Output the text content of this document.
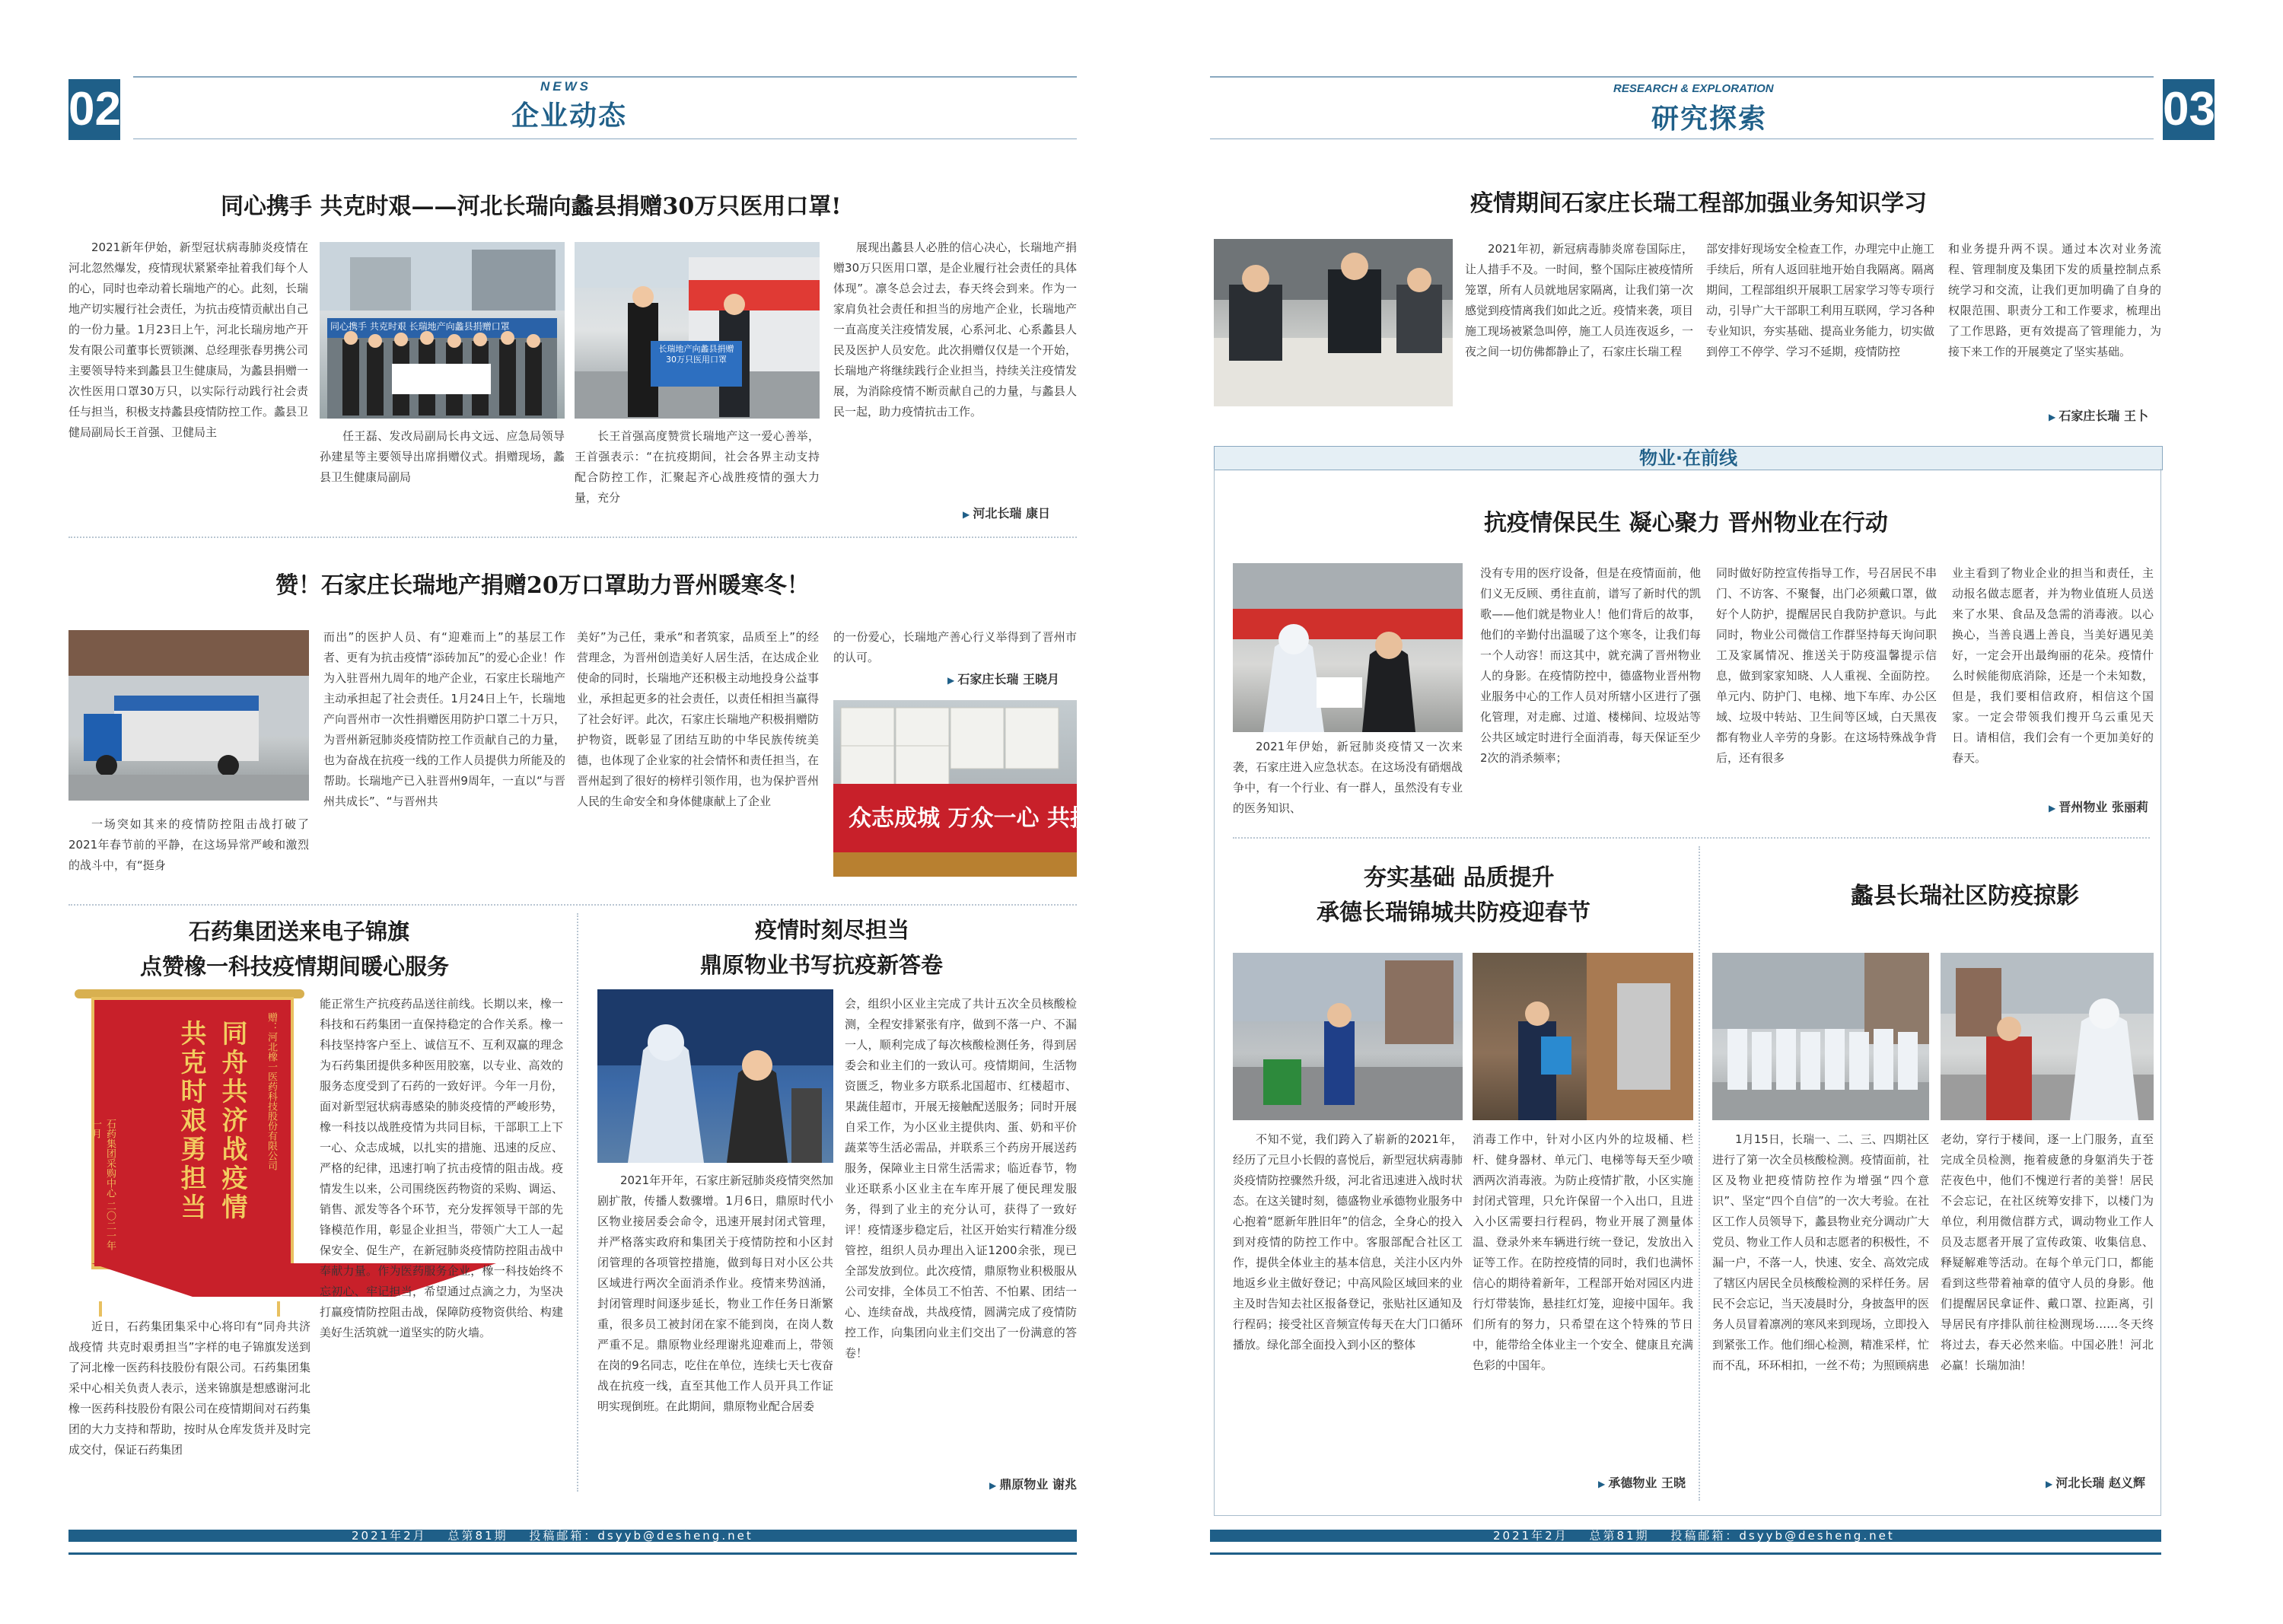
02	NEWS
企业动态
同心携手 共克时艰——河北长瑞向蠡县捐赠30万只医用口罩!
2021新年伊始，新型冠状病毒肺炎疫情在河北忽然爆发，疫情现状紧紧牵扯着我们每个人的心，同时也牵动着长瑞地产的心。此刻，长瑞地产切实履行社会责任，为抗击疫情贡献出自己的一份力量。1月23日上午，河北长瑞房地产开发有限公司董事长贾锁渊、总经理张春男携公司主要领导特来到蠡县卫生健康局，为蠡县捐赠一次性医用口罩30万只，以实际行动践行社会责任与担当，积极支持蠡县疫情防控工作。蠡县卫健局副局长王首强、卫健局主
同心携手 共克时艰 长瑞地产向蠡县捐赠口罩
长瑞地产向蠡县捐赠30万只医用口罩
任王磊、发改局副局长冉文远、应急局领导孙建星等主要领导出席捐赠仪式。捐赠现场，蠡县卫生健康局副局
长王首强高度赞赏长瑞地产这一爱心善举，王首强表示：“在抗疫期间，社会各界主动支持配合防控工作，汇聚起齐心战胜疫情的强大力量，充分
展现出蠡县人必胜的信心决心，长瑞地产捐赠30万只医用口罩，是企业履行社会责任的具体体现”。凛冬总会过去，春天终会到来。作为一家肩负社会责任和担当的房地产企业，长瑞地产一直高度关注疫情发展，心系河北、心系蠡县人民及医护人员安危。此次捐赠仅仅是一个开始，长瑞地产将继续践行企业担当，持续关注疫情发展，为消除疫情不断贡献自己的力量，与蠡县人民一起，助力疫情抗击工作。
▶ 河北长瑞 康日
赞！石家庄长瑞地产捐赠20万口罩助力晋州暖寒冬！
一场突如其来的疫情防控阻击战打破了2021年春节前的平静，在这场异常严峻和激烈的战斗中，有“挺身
而出”的医护人员、有“迎难而上”的基层工作者、更有为抗击疫情“添砖加瓦”的爱心企业！作为入驻晋州九周年的地产企业，石家庄长瑞地产主动承担起了社会责任。1月24日上午，长瑞地产向晋州市一次性捐赠医用防护口罩二十万只，为晋州新冠肺炎疫情防控工作贡献自己的力量，也为奋战在抗疫一线的工作人员提供力所能及的帮助。长瑞地产已入驻晋州9周年，一直以“与晋州共成长”、“与晋州共
美好”为己任，秉承“和者筑家，品质至上”的经营理念，为晋州创造美好人居生活，在达成企业使命的同时，长瑞地产还积极主动地投身公益事业，承担起更多的社会责任，以责任相担当赢得了社会好评。此次，石家庄长瑞地产积极捐赠防护物资，既彰显了团结互助的中华民族传统美德，也体现了企业家的社会情怀和责任担当，在晋州起到了很好的榜样引领作用，也为保护晋州人民的生命安全和身体健康献上了企业
的一份爱心，长瑞地产善心行义举得到了晋州市的认可。
▶ 石家庄长瑞 王晓月
众志成城 万众一心 共抗疫
石药集团送来电子锦旗
点赞橡一科技疫情期间暖心服务
同舟共济战疫情 共克时艰勇担当	赠：河北橡一医药科技股份有限公司
石药集团采购中心 二〇二一年一月
近日，石药集团集采中心将印有“同舟共济战疫情 共克时艰勇担当”字样的电子锦旗发送到了河北橡一医药科技股份有限公司。石药集团集采中心相关负责人表示，送来锦旗是想感谢河北橡一医药科技股份有限公司在疫情期间对石药集团的大力支持和帮助，按时从仓库发货并及时完成交付，保证石药集团
能正常生产抗疫药品送往前线。长期以来，橡一科技和石药集团一直保持稳定的合作关系。橡一科技坚持客户至上、诚信互不、互利双赢的理念为石药集团提供多种医用胶塞，以专业、高效的服务态度受到了石药的一致好评。今年一月份，面对新型冠状病毒感染的肺炎疫情的严峻形势，橡一科技以战胜疫情为共同目标，干部职工上下一心、众志成城，以扎实的措施、迅速的反应、严格的纪律，迅速打响了抗击疫情的阻击战。疫情发生以来，公司围绕医药物资的采购、调运、销售、派发等各个环节，充分发挥领导干部的先锋模范作用，彰显企业担当，带领广大工人一起保安全、促生产，在新冠肺炎疫情防控阻击战中奉献力量。作为医药服务企业，橡一科技始终不忘初心、牢记担当，希望通过点滴之力，为坚决打赢疫情防控阻击战，保障防疫物资供给、构建美好生活筑就一道坚实的防火墙。
疫情时刻尽担当
鼎原物业书写抗疫新答卷
2021年开年，石家庄新冠肺炎疫情突然加剧扩散，传播人数骤增。1月6日，鼎原时代小区物业接居委会命令，迅速开展封闭式管理，并严格落实政府和集团关于疫情防控和小区封闭管理的各项管控措施，做到每日对小区公共区域进行两次全面消杀作业。疫情来势汹涌，封闭管理时间逐步延长，物业工作任务日渐繁重，很多员工被封闭在家不能到岗，在岗人数严重不足。鼎原物业经理谢兆迎难而上，带领在岗的9名同志，吃住在单位，连续七天七夜奋战在抗疫一线，直至其他工作人员开具工作证明实现倒班。在此期间，鼎原物业配合居委
会，组织小区业主完成了共计五次全员核酸检测，全程安排紧张有序，做到不落一户、不漏一人，顺利完成了每次核酸检测任务，得到居委会和业主们的一致认可。疫情期间，生活物资匮乏，物业多方联系北国超市、红楼超市、果蔬佳超市，开展无接触配送服务；同时开展自采工作，为小区业主提供肉、蛋、奶和平价蔬菜等生活必需品，并联系三个药房开展送药服务，保障业主日常生活需求；临近春节，物业还联系小区业主在车库开展了便民理发服务，得到了业主的充分认可，获得了一致好评！疫情逐步稳定后，社区开始实行精准分级管控，组织人员办理出入证1200余张，现已全部发放到位。此次疫情，鼎原物业积极服从公司安排，全体员工不怕苦、不怕累、团结一心、连续奋战，共战疫情，圆满完成了疫情防控工作，向集团向业主们交出了一份满意的答卷！
▶ 鼎原物业 谢兆
2021年2月 总第81期 投稿邮箱：dsyyb@desheng.net
03
RESEARCH & EXPLORATION
研究探索
疫情期间石家庄长瑞工程部加强业务知识学习
2021年初，新冠病毒肺炎席卷国际庄，让人措手不及。一时间，整个国际庄被疫情所笼罩，所有人员就地居家隔离，让我们第一次感觉到疫情离我们如此之近。疫情来袭，项目施工现场被紧急叫停，施工人员连夜返乡，一夜之间一切仿佛都静止了，石家庄长瑞工程
部安排好现场安全检查工作，办理完中止施工手续后，所有人返回驻地开始自我隔离。隔离期间，工程部组织开展职工居家学习等专项行动，引导广大干部职工利用互联网，学习各种专业知识，夯实基础、提高业务能力，切实做到停工不停学、学习不延期，疫情防控
和业务提升两不误。通过本次对业务流程、管理制度及集团下发的质量控制点系统学习和交流，让我们更加明确了自身的权限范围、职责分工和工作要求，梳理出了工作思路，更有效提高了管理能力，为接下来工作的开展奠定了坚实基础。
▶ 石家庄长瑞 王卜
物业·在前线
抗疫情保民生 凝心聚力 晋州物业在行动
2021年伊始，新冠肺炎疫情又一次来袭，石家庄进入应急状态。在这场没有硝烟战争中，有一个行业、有一群人，虽然没有专业的医务知识、
没有专用的医疗设备，但是在疫情面前，他们义无反顾、勇往直前，谱写了新时代的凯歌——他们就是物业人！他们背后的故事，他们的辛勤付出温暖了这个寒冬，让我们每一个人动容！而这其中，就充满了晋州物业人的身影。在疫情防控中，德盛物业晋州物业服务中心的工作人员对所辖小区进行了强化管理，对走廊、过道、楼梯间、垃圾站等公共区域定时进行全面消毒，每天保证至少2次的消杀频率；
同时做好防控宣传指导工作，号召居民不串门、不访客、不聚餐，出门必须戴口罩，做好个人防护，提醒居民自我防护意识。与此同时，物业公司微信工作群坚持每天询问职工及家属情况、推送关于防疫温馨提示信息，做到家家知晓、人人重视、全面防控。单元内、防护门、电梯、地下车库、办公区域、垃圾中转站、卫生间等区域，白天黑夜都有物业人辛劳的身影。在这场特殊战争背后，还有很多
业主看到了物业企业的担当和责任，主动报名做志愿者，并为物业值班人员送来了水果、食品及急需的消毒液。以心换心，当善良遇上善良，当美好遇见美好，一定会开出最绚丽的花朵。疫情什么时候能彻底消除，还是一个未知数，但是，我们要相信政府，相信这个国家。一定会带领我们搜开乌云重见天日。请相信，我们会有一个更加美好的春天。
▶ 晋州物业 张丽莉
夯实基础 品质提升
承德长瑞锦城共防疫迎春节
不知不觉，我们跨入了崭新的2021年，经历了元旦小长假的喜悦后，新型冠状病毒肺炎疫情防控骤然升级，河北省迅速进入战时状态。在这关键时刻，德盛物业承德物业服务中心抱着“愿新年胜旧年”的信念，全身心的投入到对疫情的防控工作中。客服部配合社区工作，提供全体业主的基本信息，关注小区内外地返乡业主做好登记；中高风险区域回来的业主及时告知去社区报备登记，张贴社区通知及行程码；接受社区音频宣传每天在大门口循环播放。绿化部全面投入到小区的整体
消毒工作中，针对小区内外的垃圾桶、栏杆、健身器材、单元门、电梯等每天至少喷洒两次消毒液。为防止疫情扩散，小区实施封闭式管理，只允许保留一个入出口，且进入小区需要扫行程码，物业开展了测量体温、登录外来车辆进行统一登记，发放出入证等工作。在防控疫情的同时，我们也满怀信心的期待着新年，工程部开始对园区内进行灯带装饰，悬挂红灯笼，迎接中国年。我们所有的努力，只希望在这个特殊的节日中，能带给全体业主一个安全、健康且充满色彩的中国年。
▶ 承德物业 王晓
蠡县长瑞社区防疫掠影
1月15日，长瑞一、二、三、四期社区进行了第一次全员核酸检测。疫情面前，社区及物业把疫情防控作为增强“四个意识”、坚定“四个自信”的一次大考验。在社区工作人员领导下，蠡县物业充分调动广大党员、物业工作人员和志愿者的积极性，不漏一户，不落一人，快速、安全、高效完成了辖区内居民全员核酸检测的采样任务。居民不会忘记，当天凌晨时分，身披盔甲的医务人员冒着凛冽的寒风来到现场，立即投入到紧张工作。他们细心检测，精准采样，忙而不乱，环环相扣，一丝不苟；为照顾病患
老幼，穿行于楼间，逐一上门服务，直至完成全员检测，拖着疲惫的身躯消失于苍茫夜色中，他们不愧逆行者的美誉！居民不会忘记，在社区统筹安排下，以楼门为单位，利用微信群方式，调动物业工作人员及志愿者开展了宣传政策、收集信息、释疑解难等活动。在每个单元门口，都能看到这些带着袖章的值守人员的身影。他们提醒居民拿证件、戴口罩、拉距离，引导居民有序排队前往检测现场……冬天终将过去，春天必然来临。中国必胜！河北必赢！长瑞加油！
▶ 河北长瑞 赵义辉
2021年2月 总第81期 投稿邮箱：dsyyb@desheng.net
